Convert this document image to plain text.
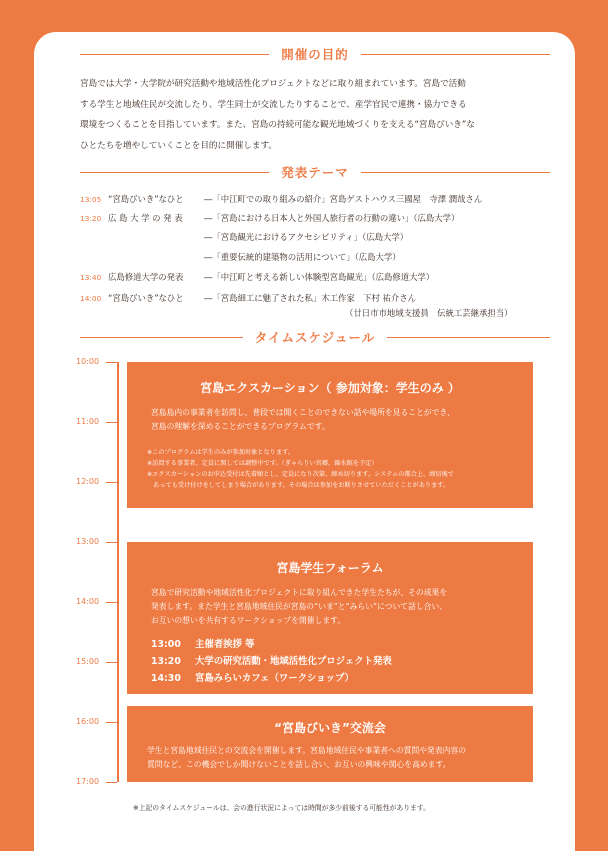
開催の目的
宮島では大学・大学院が研究活動や地域活性化プロジェクトなどに取り組まれています。宮島で活動
する学生と地域住民が交流したり、学生同士が交流したりすることで、産学官民で連携・協力できる
環境をつくることを目指しています。また、宮島の持続可能な観光地域づくりを支える“宮島びいき”な
ひとたちを増やしていくことを目的に開催します。
発表テーマ
13:05 “宮島びいき”なひと	―「中江町での取り組みの紹介」宮島ゲストハウス三國屋　寺澤 潤哉さん
13:20 広 島 大 学 の 発 表	―「宮島における日本人と外国人旅行者の行動の違い」（広島大学）
―「宮島観光におけるアクセシビリティ」（広島大学）
―「重要伝統的建築物の活用について」（広島大学）
13:40 広島修道大学の発表	―「中江町と考える新しい体験型宮島観光」（広島修道大学）
14:00 “宮島びいき”なひと	―「宮島細工に魅了された私」木工作家　下村 祐介さん
（廿日市市地域支援員　伝統工芸継承担当）
タイムスケジュール
10:00
11:00
12:00
13:00
14:00
15:00
16:00
17:00
宮島エクスカーション（ 参加対象：学生のみ ）
宮島島内の事業者を訪問し、普段では聞くことのできない話や場所を見ることができ、
宮島の理解を深めることができるプログラムです。
※このプログラムは学生のみが参加対象となります。
※訪問する事業者、定員に関しては調整中です。（ぎゃらりい宮郷、錦水館を予定）
※エクスカーションのお申込受付は先着順とし、定員になり次第、締め切ります。システムの都合上、締切後で
　あっても受け付けをしてしまう場合があります。その場合は参加をお断りさせていただくことがあります。
宮島学生フォーラム
宮島で研究活動や地域活性化プロジェクトに取り組んできた学生たちが、その成果を
発表します。また学生と宮島地域住民が宮島の“いま”と“みらい”について話し合い、
お互いの想いを共有するワークショップを開催します。
13:00 主催者挨拶 等
13:20 大学の研究活動・地域活性化プロジェクト発表
14:30 宮島みらいカフェ（ワークショップ）
“宮島びいき”交流会
学生と宮島地域住民との交流会を開催します。宮島地域住民や事業者への質問や発表内容の
質問など、この機会でしか聞けないことを話し合い、お互いの興味や関心を高めます。
※上記のタイムスケジュールは、会の進行状況によっては時間が多少前後する可能性があります。
